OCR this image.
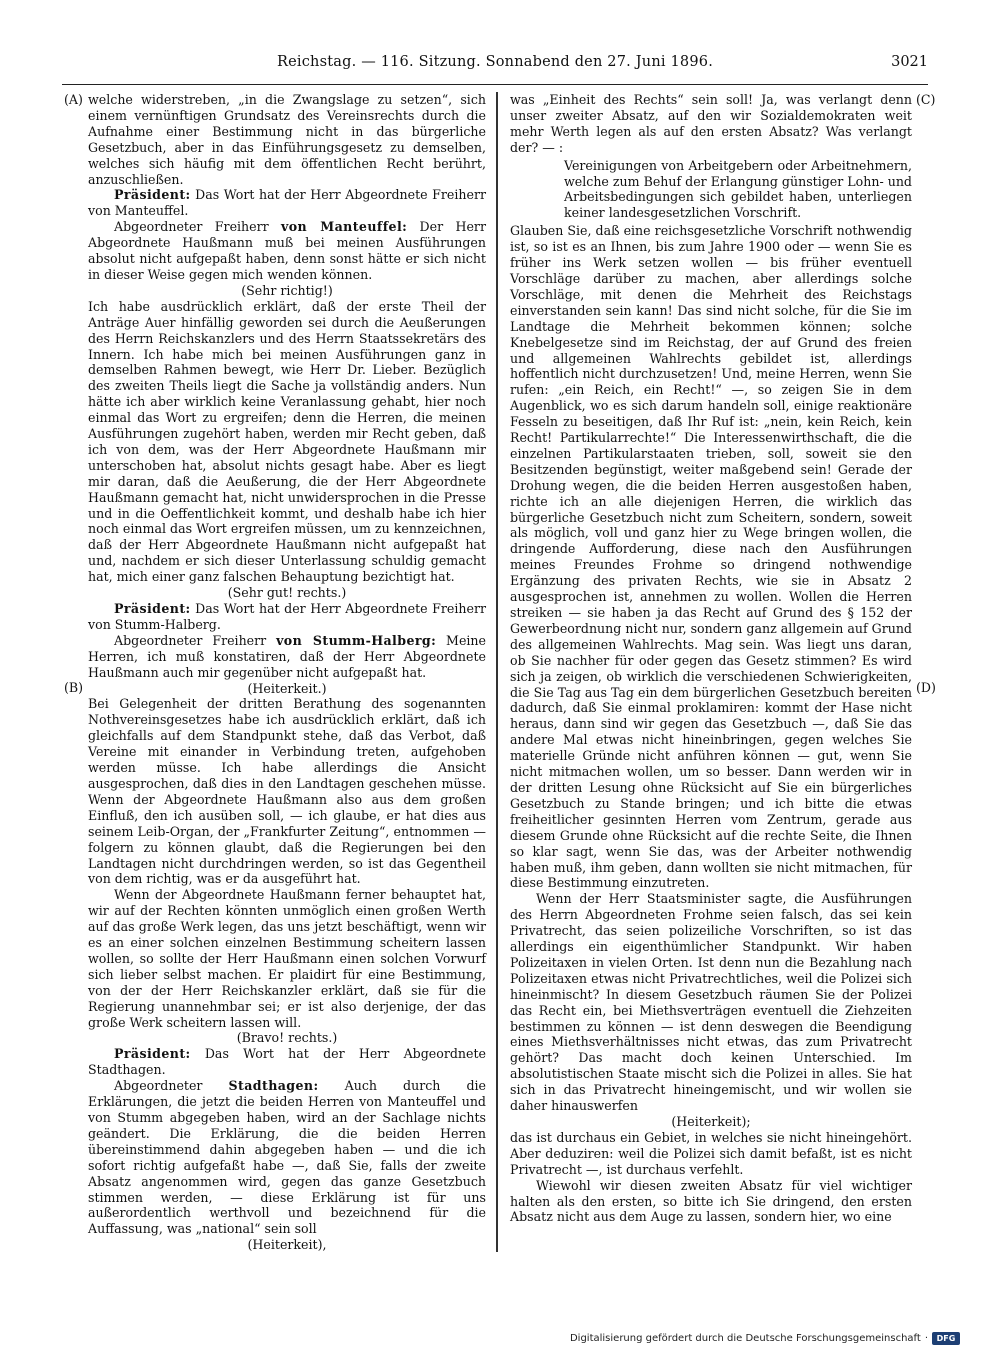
Reichstag. — 116. Sitzung. Sonnabend den 27. Juni 1896.	3021
(A)
(B)
(C)
(D)

welche widerstreben, „in die Zwangslage zu setzen“, sich einem vernünftigen Grundsatz des Vereinsrechts durch die Aufnahme einer Bestimmung nicht in das bürgerliche Gesetzbuch, aber in das Einführungsgesetz zu demselben, welches sich häufig mit dem öffentlichen Recht berührt, anzuschließen.

Präsident: Das Wort hat der Herr Abgeordnete Freiherr von Manteuffel.

Abgeordneter Freiherr von Manteuffel: Der Herr Abgeordnete Haußmann muß bei meinen Ausführungen absolut nicht aufgepaßt haben, denn sonst hätte er sich nicht in dieser Weise gegen mich wenden können.

(Sehr richtig!)

Ich habe ausdrücklich erklärt, daß der erste Theil der Anträge Auer hinfällig geworden sei durch die Aeußerungen des Herrn Reichskanzlers und des Herrn Staatssekretärs des Innern. Ich habe mich bei meinen Ausführungen ganz in demselben Rahmen bewegt, wie Herr Dr. Lieber. Bezüglich des zweiten Theils liegt die Sache ja vollständig anders. Nun hätte ich aber wirklich keine Veranlassung gehabt, hier noch einmal das Wort zu ergreifen; denn die Herren, die meinen Ausführungen zugehört haben, werden mir Recht geben, daß ich von dem, was der Herr Abgeordnete Haußmann mir unterschoben hat, absolut nichts gesagt habe. Aber es liegt mir daran, daß die Aeußerung, die der Herr Abgeordnete Haußmann gemacht hat, nicht unwidersprochen in die Presse und in die Oeffentlichkeit kommt, und deshalb habe ich hier noch einmal das Wort ergreifen müssen, um zu kennzeichnen, daß der Herr Abgeordnete Haußmann nicht aufgepaßt hat und, nachdem er sich dieser Unterlassung schuldig gemacht hat, mich einer ganz falschen Behauptung bezichtigt hat.

(Sehr gut! rechts.)

Präsident: Das Wort hat der Herr Abgeordnete Freiherr von Stumm-Halberg.

Abgeordneter Freiherr von Stumm-Halberg: Meine Herren, ich muß konstatiren, daß der Herr Abgeordnete Haußmann auch mir gegenüber nicht aufgepaßt hat.

(Heiterkeit.)

Bei Gelegenheit der dritten Berathung des sogenannten Nothvereinsgesetzes habe ich ausdrücklich erklärt, daß ich gleichfalls auf dem Standpunkt stehe, daß das Verbot, daß Vereine mit einander in Verbindung treten, aufgehoben werden müsse. Ich habe allerdings die Ansicht ausgesprochen, daß dies in den Landtagen geschehen müsse. Wenn der Abgeordnete Haußmann also aus dem großen Einfluß, den ich ausüben soll, — ich glaube, er hat dies aus seinem Leib-Organ, der „Frankfurter Zeitung“, entnommen — folgern zu können glaubt, daß die Regierungen bei den Landtagen nicht durchdringen werden, so ist das Gegentheil von dem richtig, was er da ausgeführt hat.

Wenn der Abgeordnete Haußmann ferner behauptet hat, wir auf der Rechten könnten unmöglich einen großen Werth auf das große Werk legen, das uns jetzt beschäftigt, wenn wir es an einer solchen einzelnen Bestimmung scheitern lassen wollen, so sollte der Herr Haußmann einen solchen Vorwurf sich lieber selbst machen. Er plaidirt für eine Bestimmung, von der der Herr Reichskanzler erklärt, daß sie für die Regierung unannehmbar sei; er ist also derjenige, der das große Werk scheitern lassen will.

(Bravo! rechts.)

Präsident: Das Wort hat der Herr Abgeordnete Stadthagen.

Abgeordneter Stadthagen: Auch durch die Erklärungen, die jetzt die beiden Herren von Manteuffel und von Stumm abgegeben haben, wird an der Sachlage nichts geändert. Die Erklärung, die die beiden Herren übereinstimmend dahin abgegeben haben — und die ich sofort richtig aufgefaßt habe —, daß Sie, falls der zweite Absatz angenommen wird, gegen das ganze Gesetzbuch stimmen werden, — diese Erklärung ist für uns außerordentlich werthvoll und bezeichnend für die Auffassung, was „national“ sein soll

(Heiterkeit),

was „Einheit des Rechts“ sein soll! Ja, was verlangt denn unser zweiter Absatz, auf den wir Sozialdemokraten weit mehr Werth legen als auf den ersten Absatz? Was verlangt der? — :

Vereinigungen von Arbeitgebern oder Arbeitnehmern, welche zum Behuf der Erlangung günstiger Lohn- und Arbeitsbedingungen sich gebildet haben, unterliegen keiner landesgesetzlichen Vorschrift.

Glauben Sie, daß eine reichsgesetzliche Vorschrift nothwendig ist, so ist es an Ihnen, bis zum Jahre 1900 oder — wenn Sie es früher ins Werk setzen wollen — bis früher eventuell Vorschläge darüber zu machen, aber allerdings solche Vorschläge, mit denen die Mehrheit des Reichstags einverstanden sein kann! Das sind nicht solche, für die Sie im Landtage die Mehrheit bekommen können; solche Knebelgesetze sind im Reichstag, der auf Grund des freien und allgemeinen Wahlrechts gebildet ist, allerdings hoffentlich nicht durchzusetzen! Und, meine Herren, wenn Sie rufen: „ein Reich, ein Recht!“ —, so zeigen Sie in dem Augenblick, wo es sich darum handeln soll, einige reaktionäre Fesseln zu beseitigen, daß Ihr Ruf ist: „nein, kein Reich, kein Recht! Partikularrechte!“ Die Interessenwirthschaft, die die einzelnen Partikularstaaten trieben, soll, soweit sie den Besitzenden begünstigt, weiter maßgebend sein! Gerade der Drohung wegen, die die beiden Herren ausgestoßen haben, richte ich an alle diejenigen Herren, die wirklich das bürgerliche Gesetzbuch nicht zum Scheitern, sondern, soweit als möglich, voll und ganz hier zu Wege bringen wollen, die dringende Aufforderung, diese nach den Ausführungen meines Freundes Frohme so dringend nothwendige Ergänzung des privaten Rechts, wie sie in Absatz 2 ausgesprochen ist, annehmen zu wollen. Wollen die Herren streiken — sie haben ja das Recht auf Grund des § 152 der Gewerbeordnung nicht nur, sondern ganz allgemein auf Grund des allgemeinen Wahlrechts. Mag sein. Was liegt uns daran, ob Sie nachher für oder gegen das Gesetz stimmen? Es wird sich ja zeigen, ob wirklich die verschiedenen Schwierigkeiten, die Sie Tag aus Tag ein dem bürgerlichen Gesetzbuch bereiten dadurch, daß Sie einmal proklamiren: kommt der Hase nicht heraus, dann sind wir gegen das Gesetzbuch —, daß Sie das andere Mal etwas nicht hineinbringen, gegen welches Sie materielle Gründe nicht anführen können — gut, wenn Sie nicht mitmachen wollen, um so besser. Dann werden wir in der dritten Lesung ohne Rücksicht auf Sie ein bürgerliches Gesetzbuch zu Stande bringen; und ich bitte die etwas freiheitlicher gesinnten Herren vom Zentrum, gerade aus diesem Grunde ohne Rücksicht auf die rechte Seite, die Ihnen so klar sagt, wenn Sie das, was der Arbeiter nothwendig haben muß, ihm geben, dann wollten sie nicht mitmachen, für diese Bestimmung einzutreten.

Wenn der Herr Staatsminister sagte, die Ausführungen des Herrn Abgeordneten Frohme seien falsch, das sei kein Privatrecht, das seien polizeiliche Vorschriften, so ist das allerdings ein eigenthümlicher Standpunkt. Wir haben Polizeitaxen in vielen Orten. Ist denn nun die Bezahlung nach Polizeitaxen etwas nicht Privatrechtliches, weil die Polizei sich hineinmischt? In diesem Gesetzbuch räumen Sie der Polizei das Recht ein, bei Miethsverträgen eventuell die Ziehzeiten bestimmen zu können — ist denn deswegen die Beendigung eines Miethsverhältnisses nicht etwas, das zum Privatrecht gehört? Das macht doch keinen Unterschied. Im absolutistischen Staate mischt sich die Polizei in alles. Sie hat sich in das Privatrecht hineingemischt, und wir wollen sie daher hinauswerfen

(Heiterkeit);

das ist durchaus ein Gebiet, in welches sie nicht hineingehört. Aber deduziren: weil die Polizei sich damit befaßt, ist es nicht Privatrecht —, ist durchaus verfehlt.

Wiewohl wir diesen zweiten Absatz für viel wichtiger halten als den ersten, so bitte ich Sie dringend, den ersten Absatz nicht aus dem Auge zu lassen, sondern hier, wo eine

Digitalisierung gefördert durch die Deutsche Forschungsgemeinschaft ·	DFG
